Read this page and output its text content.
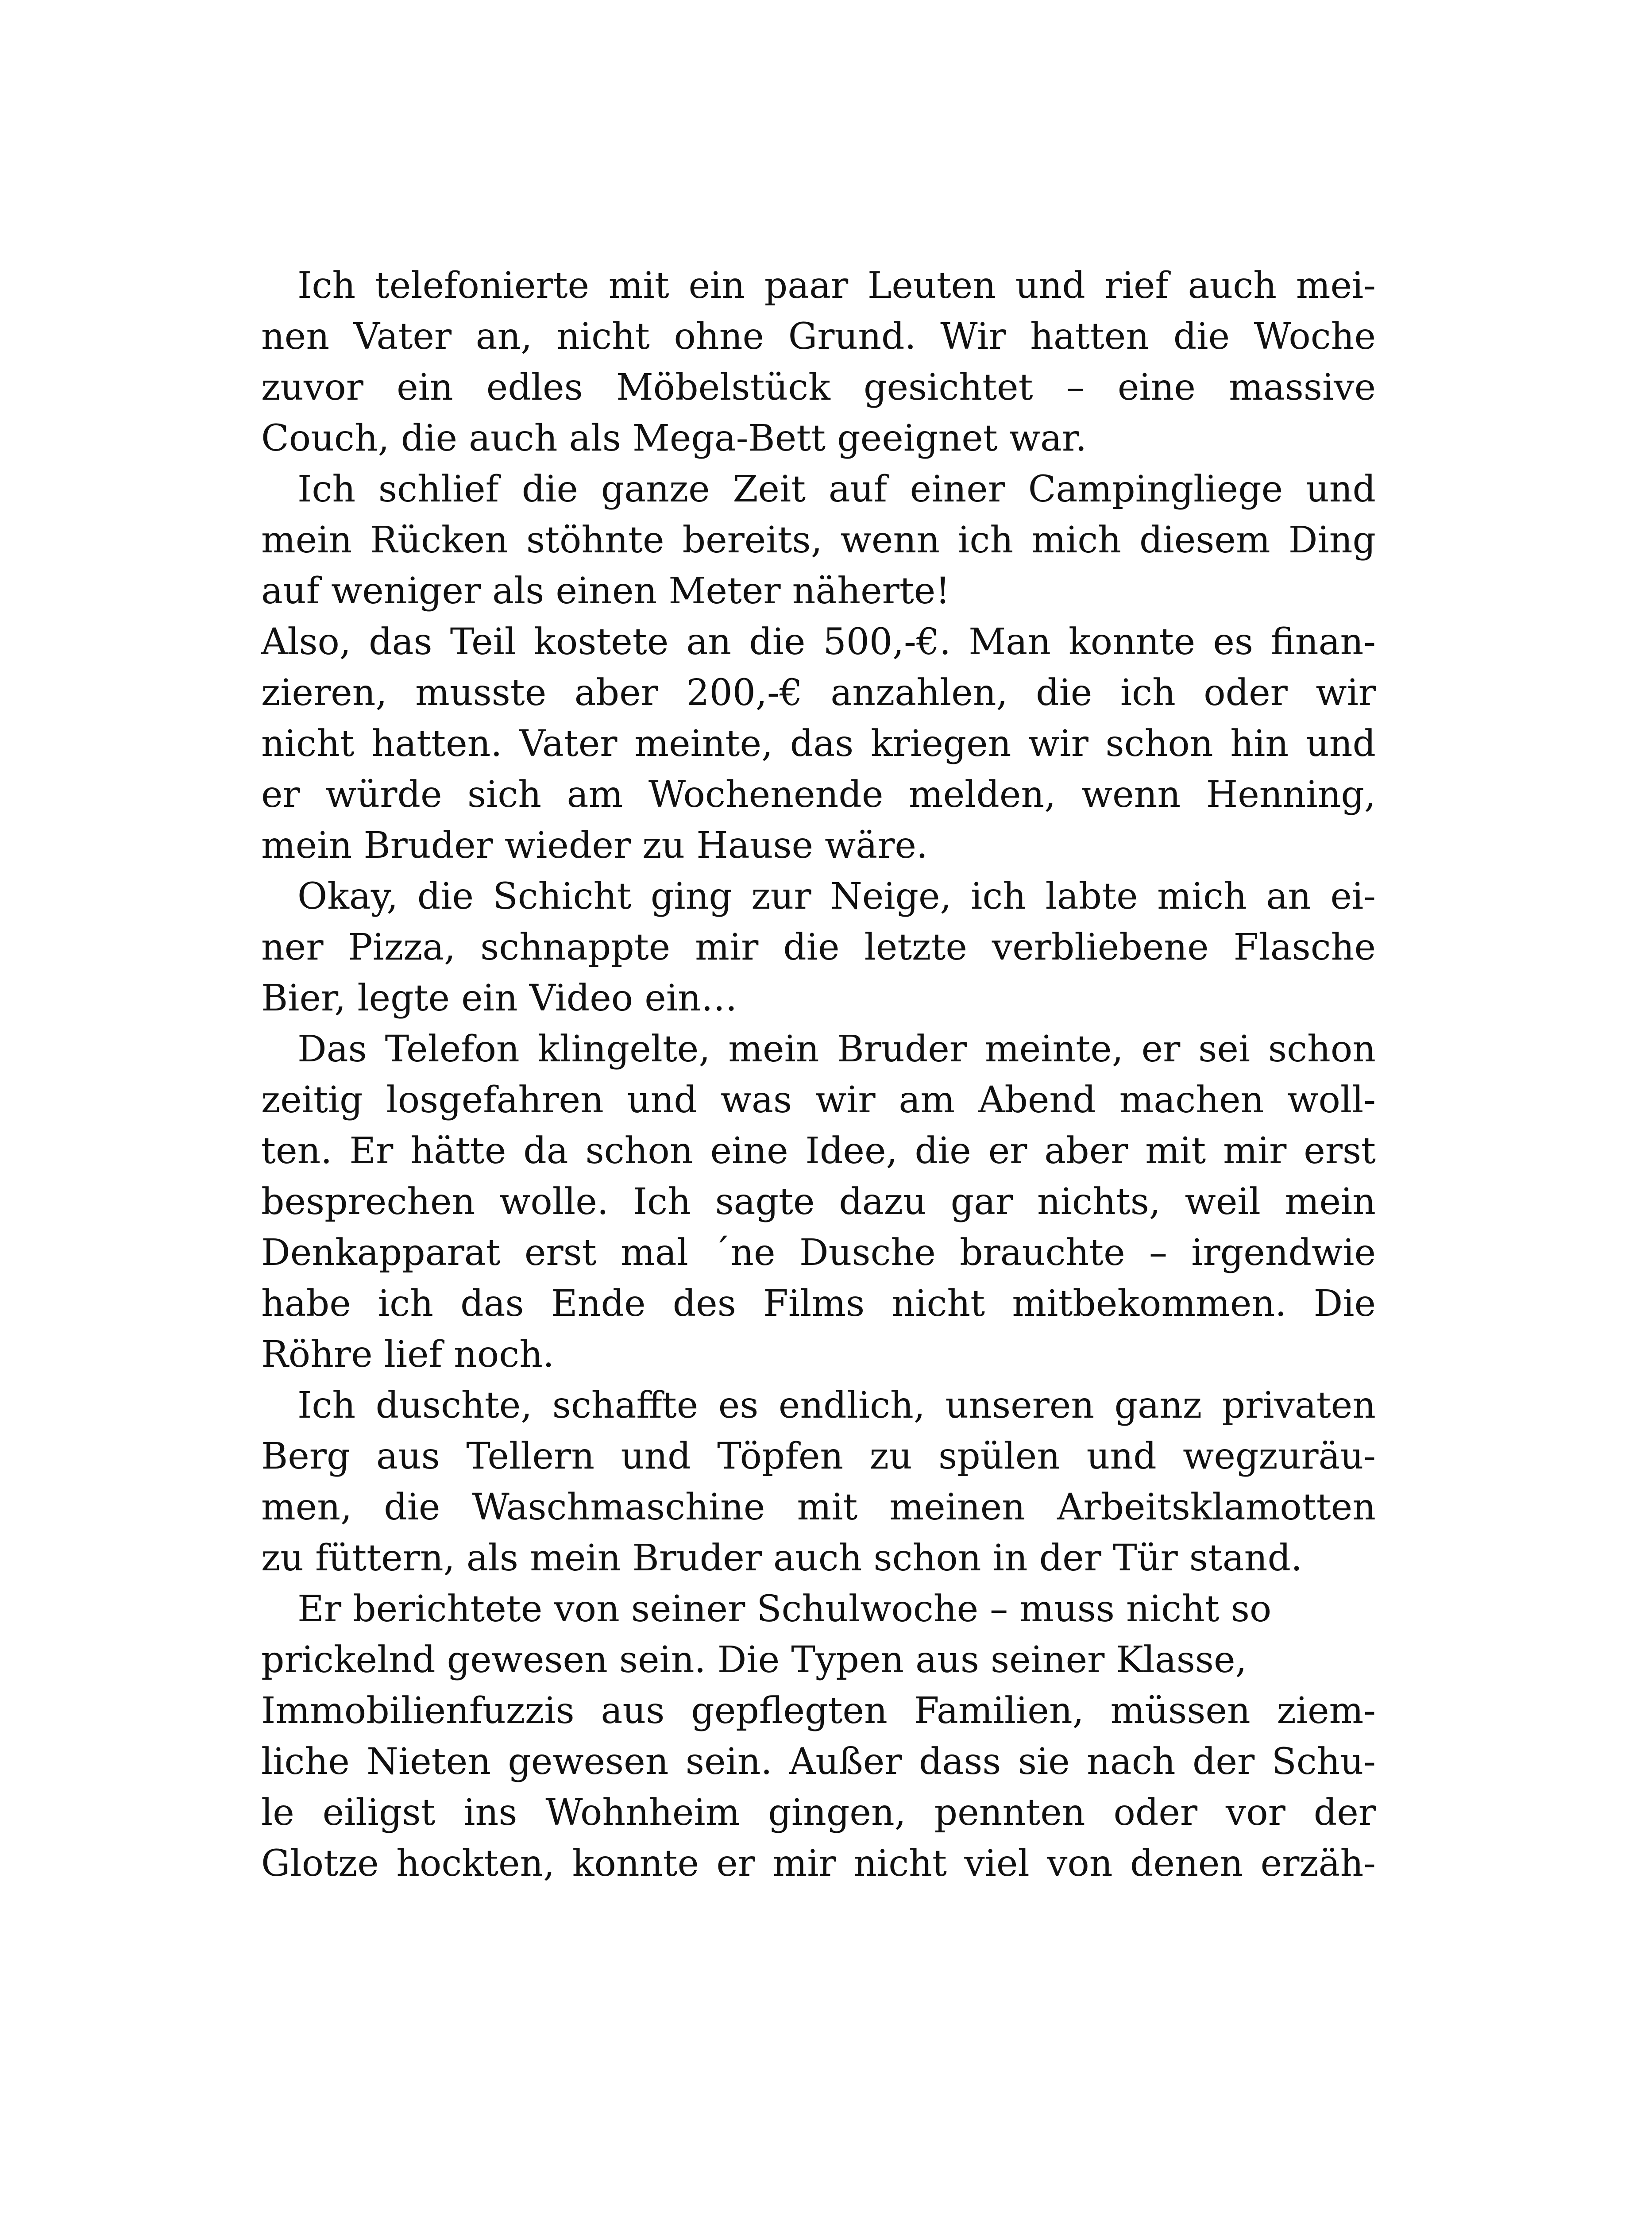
Ich telefonierte mit ein paar Leuten und rief auch mei-
nen Vater an, nicht ohne Grund. Wir hatten die Woche
zuvor ein edles Möbelstück gesichtet – eine massive
Couch, die auch als Mega-Bett geeignet war.
Ich schlief die ganze Zeit auf einer Campingliege und
mein Rücken stöhnte bereits, wenn ich mich diesem Ding
auf weniger als einen Meter näherte!
Also, das Teil kostete an die 500,-€. Man konnte es finan-
zieren, musste aber 200,-€ anzahlen, die ich oder wir
nicht hatten. Vater meinte, das kriegen wir schon hin und
er würde sich am Wochenende melden, wenn Henning,
mein Bruder wieder zu Hause wäre.
Okay, die Schicht ging zur Neige, ich labte mich an ei-
ner Pizza, schnappte mir die letzte verbliebene Flasche
Bier, legte ein Video ein…
Das Telefon klingelte, mein Bruder meinte, er sei schon
zeitig losgefahren und was wir am Abend machen woll-
ten. Er hätte da schon eine Idee, die er aber mit mir erst
besprechen wolle. Ich sagte dazu gar nichts, weil mein
Denkapparat erst mal ´ne Dusche brauchte – irgendwie
habe ich das Ende des Films nicht mitbekommen. Die
Röhre lief noch.
Ich duschte, schaffte es endlich, unseren ganz privaten
Berg aus Tellern und Töpfen zu spülen und wegzuräu-
men, die Waschmaschine mit meinen Arbeitsklamotten
zu füttern, als mein Bruder auch schon in der Tür stand.
Er berichtete von seiner Schulwoche – muss nicht so
prickelnd gewesen sein. Die Typen aus seiner Klasse,
Immobilienfuzzis aus gepflegten Familien, müssen ziem-
liche Nieten gewesen sein. Außer dass sie nach der Schu-
le eiligst ins Wohnheim gingen, pennten oder vor der
Glotze hockten, konnte er mir nicht viel von denen erzäh-
